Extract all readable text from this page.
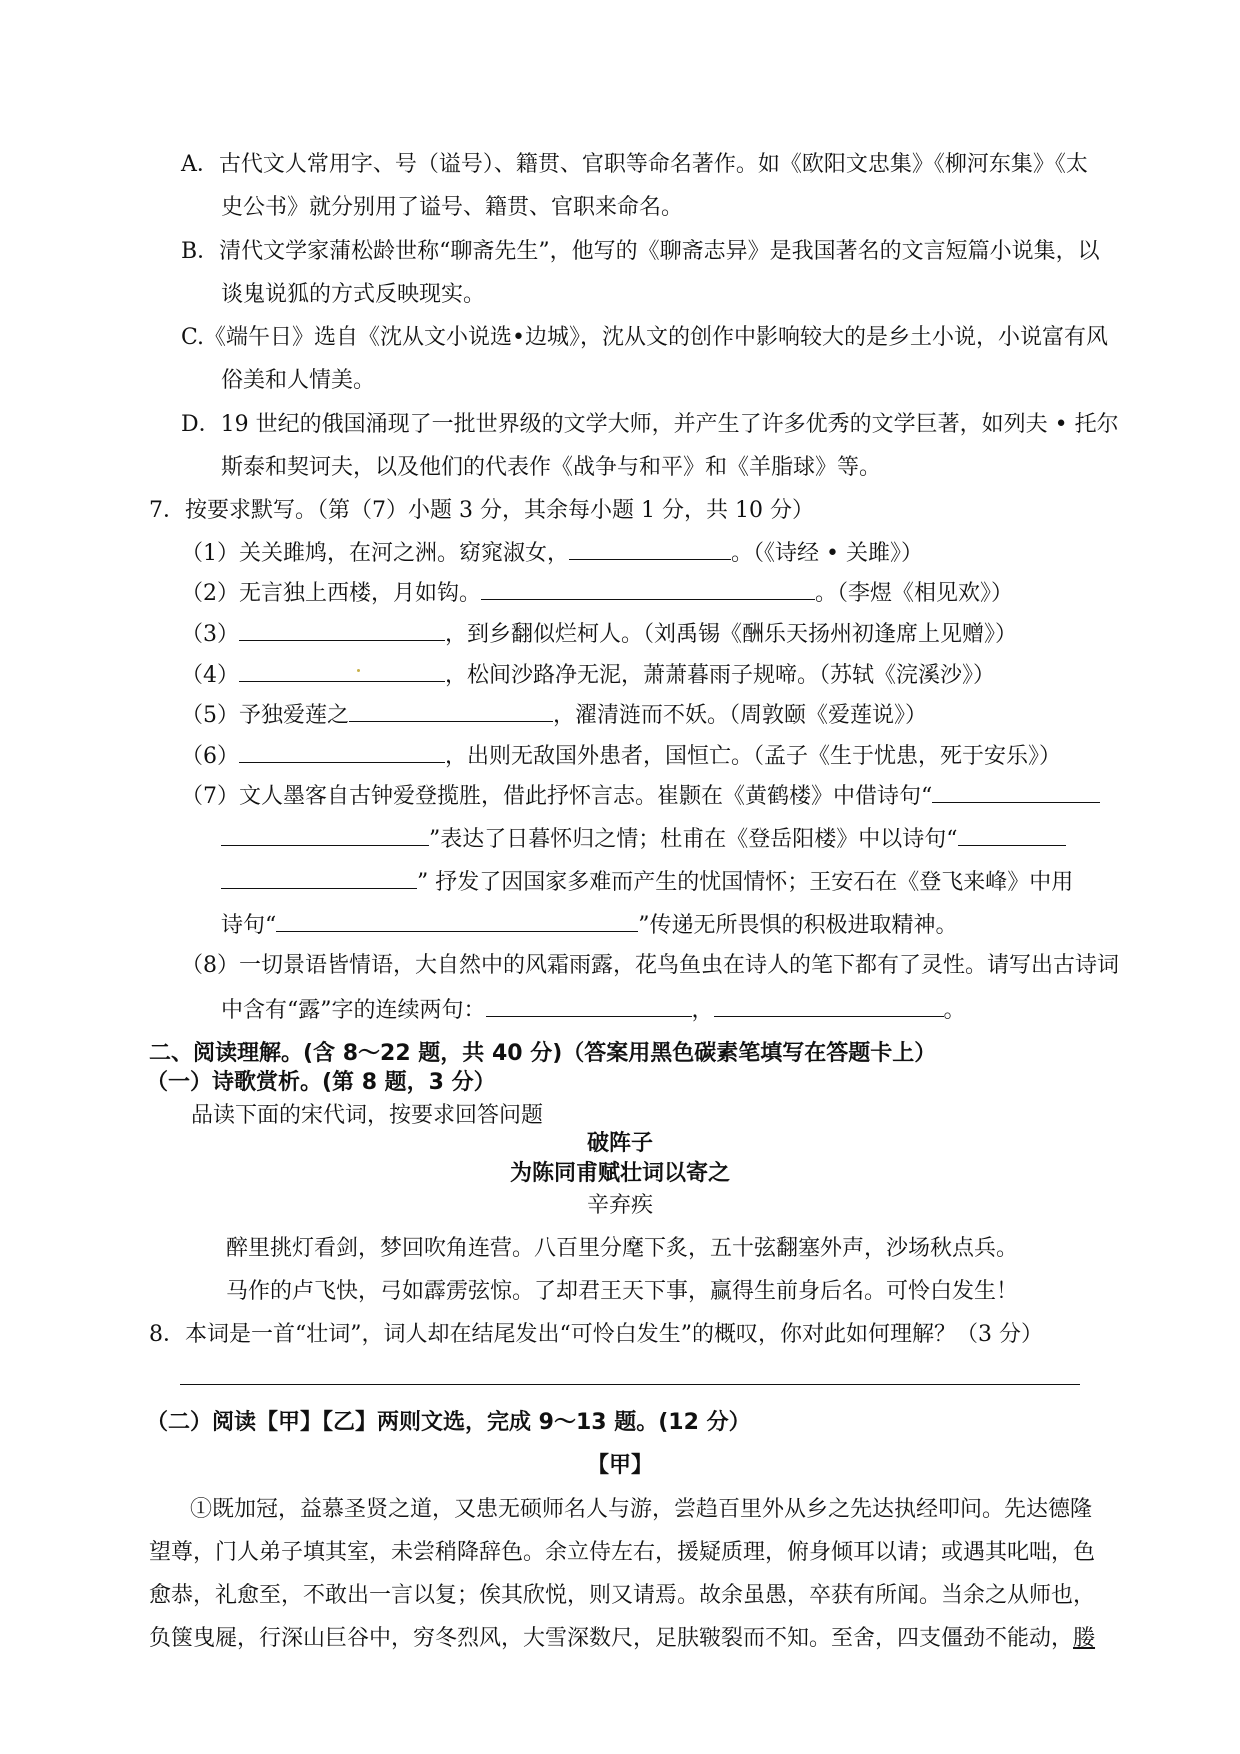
A．古代文人常用字、号（谥号）、籍贯、官职等命名著作。如《欧阳文忠集》《柳河东集》《太
史公书》就分别用了谥号、籍贯、官职来命名。
B．清代文学家蒲松龄世称“聊斋先生”，他写的《聊斋志异》是我国著名的文言短篇小说集，以
谈鬼说狐的方式反映现实。
C.《端午日》选自《沈从文小说选•边城》，沈从文的创作中影响较大的是乡土小说，小说富有风
俗美和人情美。
D．19 世纪的俄国涌现了一批世界级的文学大师，并产生了许多优秀的文学巨著，如列夫 • 托尔
斯泰和契诃夫，以及他们的代表作《战争与和平》和《羊脂球》等。
7．按要求默写。（第（7）小题 3 分，其余每小题 1 分，共 10 分）
（1）关关雎鸠，在河之洲。窈窕淑女，	。（《诗经 • 关雎》）
（2）无言独上西楼，月如钩。	。（李煜《相见欢》）
（3）	，到乡翻似烂柯人。（刘禹锡《酬乐天扬州初逢席上见赠》）
（4）	，松间沙路净无泥，萧萧暮雨子规啼。（苏轼《浣溪沙》）
（5）予独爱莲之	，濯清涟而不妖。（周敦颐《爱莲说》）
（6）	，出则无敌国外患者，国恒亡。（孟子《生于忧患，死于安乐》）
（7）文人墨客自古钟爱登揽胜，借此抒怀言志。崔颢在《黄鹤楼》中借诗句“
”表达了日暮怀归之情；杜甫在《登岳阳楼》中以诗句“
” 抒发了因国家多难而产生的忧国情怀；王安石在《登飞来峰》中用
诗句“	”传递无所畏惧的积极进取精神。
（8）一切景语皆情语，大自然中的风霜雨露，花鸟鱼虫在诗人的笔下都有了灵性。请写出古诗词
中含有“露”字的连续两句：	，	。
二、阅读理解。(含 8～22 题，共 40 分)（答案用黑色碳素笔填写在答题卡上）
（一）诗歌赏析。(第 8 题，3 分）
品读下面的宋代词，按要求回答问题
破阵子
为陈同甫赋壮词以寄之
辛弃疾
醉里挑灯看剑，梦回吹角连营。八百里分麾下炙，五十弦翻塞外声，沙场秋点兵。
马作的卢飞快，弓如霹雳弦惊。了却君王天下事，赢得生前身后名。可怜白发生！
8．本词是一首“壮词”，词人却在结尾发出“可怜白发生”的概叹，你对此如何理解？（3 分）
（二）阅读【甲】【乙】两则文选，完成 9～13 题。(12 分）
【甲】
①既加冠，益慕圣贤之道，又患无硕师名人与游，尝趋百里外从乡之先达执经叩问。先达德隆
望尊，门人弟子填其室，未尝稍降辞色。余立侍左右，援疑质理，俯身倾耳以请；或遇其叱咄，色
愈恭，礼愈至，不敢出一言以复；俟其欣悦，则又请焉。故余虽愚，卒获有所闻。当余之从师也，
负箧曳屣，行深山巨谷中，穷冬烈风，大雪深数尺，足肤皲裂而不知。至舍，四支僵劲不能动，媵
